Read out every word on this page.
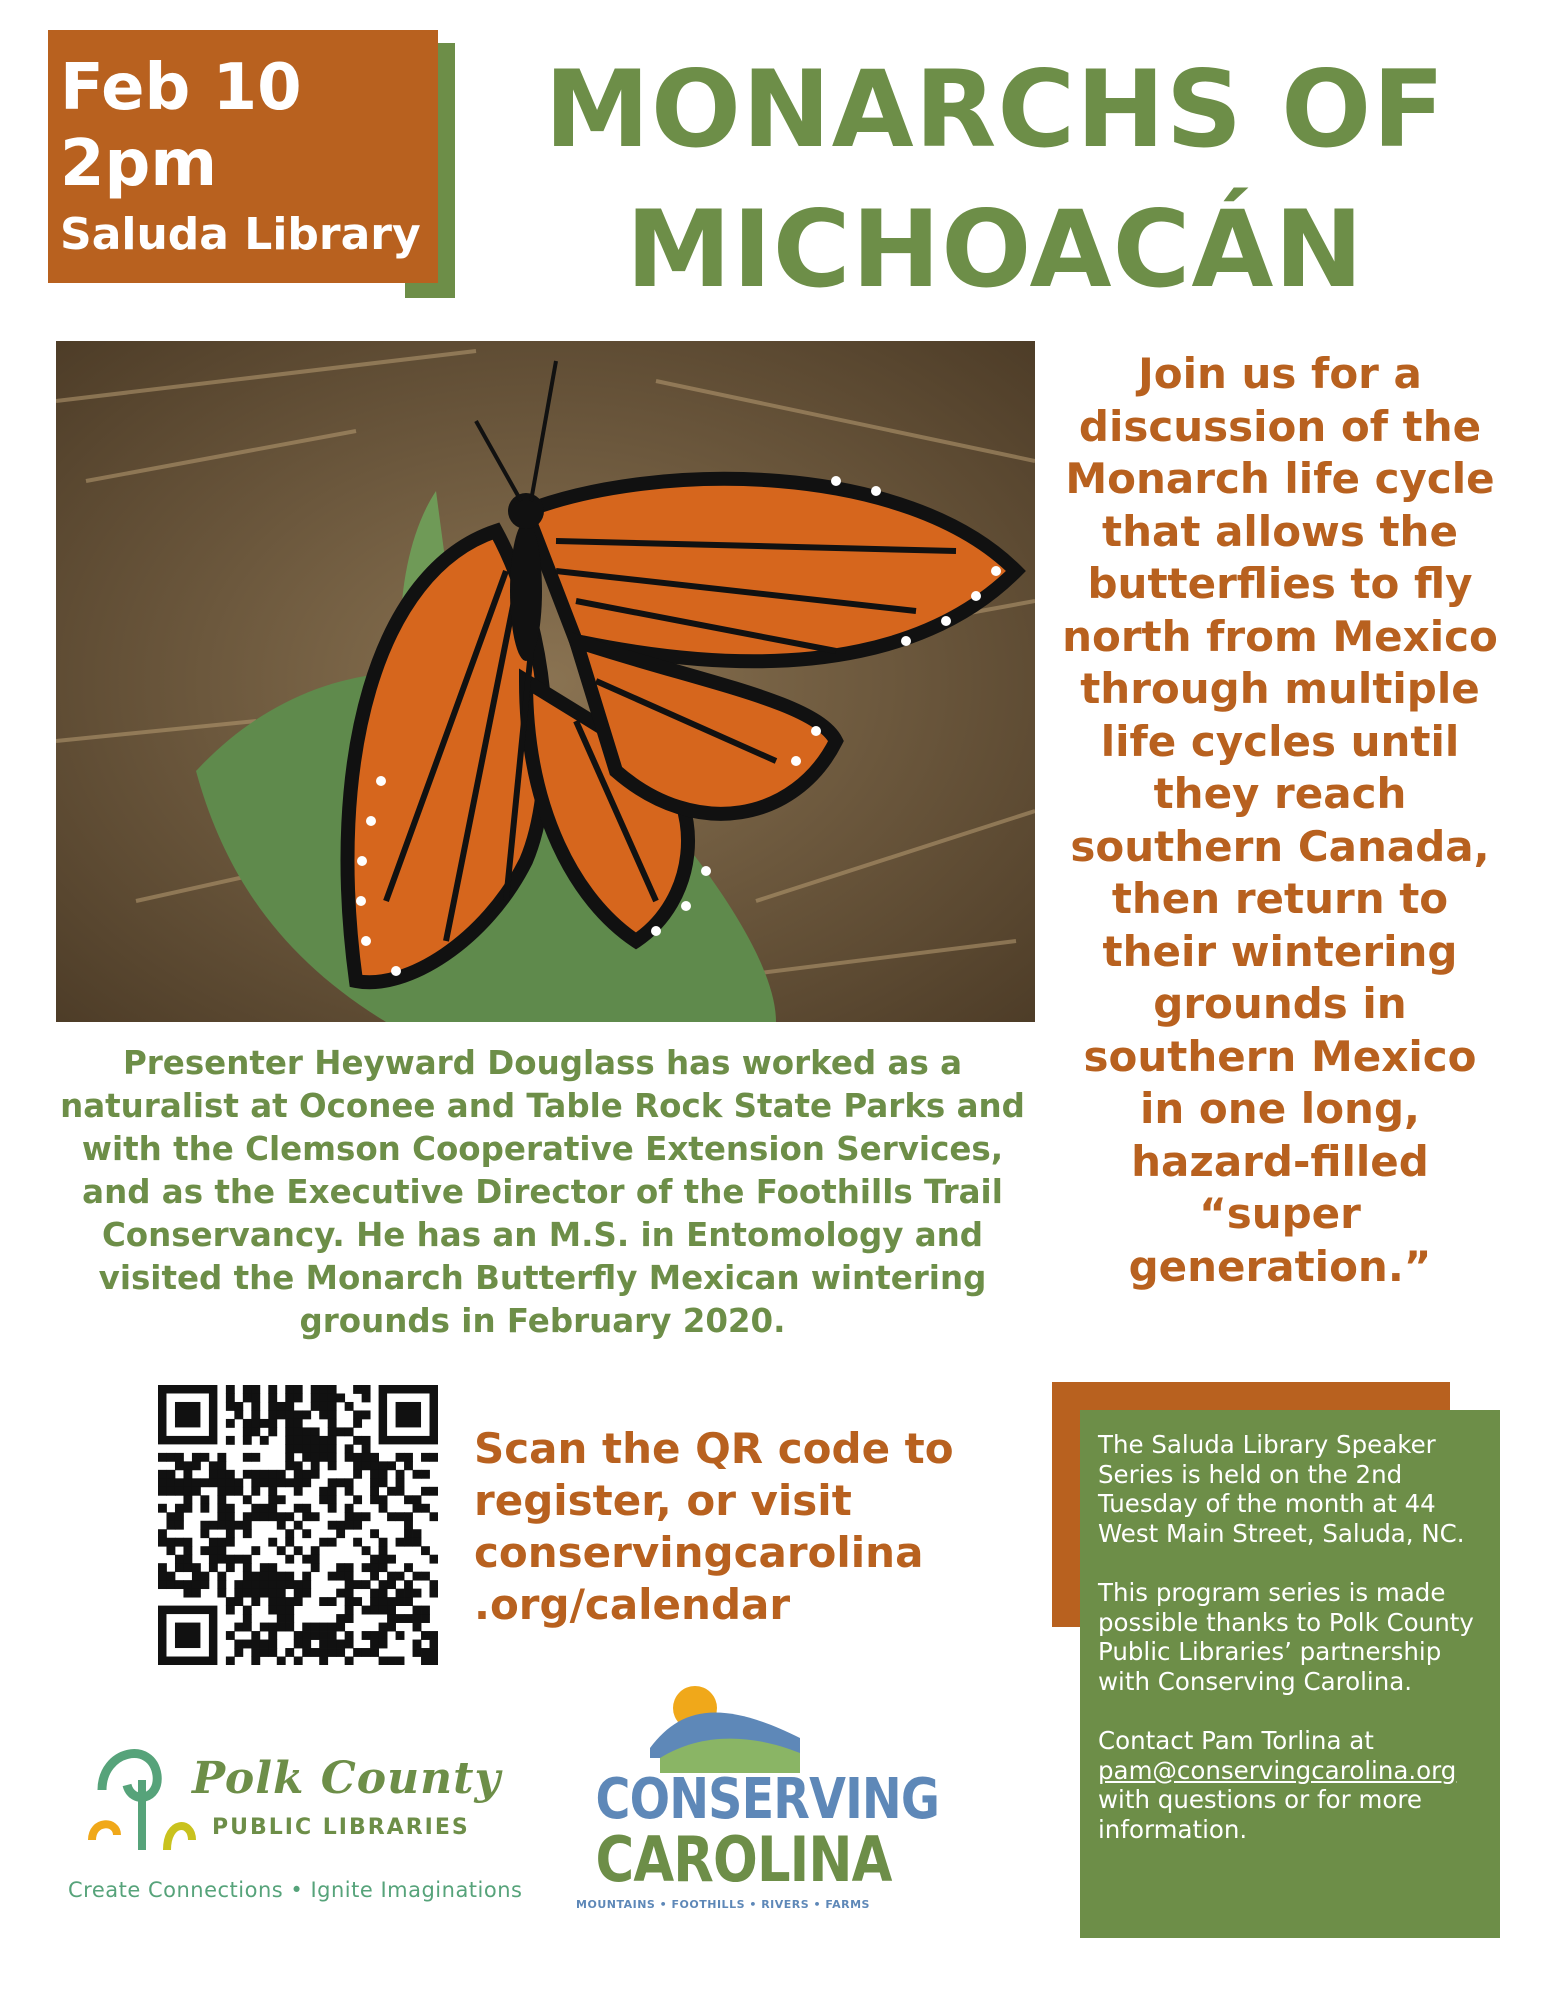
Feb 10
2pm
Saluda Library
MONARCHS OF
MICHOACÁN
Join us for a discussion of the Monarch life cycle that allows the butterflies to fly north from Mexico through multiple life cycles until they reach southern Canada, then return to their wintering grounds in southern Mexico in one long, hazard-filled “super generation.”
Presenter Heyward Douglass has worked as a naturalist at Oconee and Table Rock State Parks and with the Clemson Cooperative Extension Services, and as the Executive Director of the Foothills Trail Conservancy. He has an M.S. in Entomology and visited the Monarch Butterfly Mexican wintering grounds in February 2020.
Scan the QR code to register, or visit conservingcarolina .org/calendar

The Saluda Library Speaker Series is held on the 2nd Tuesday of the month at 44 West Main Street, Saluda, NC.

This program series is made possible thanks to Polk County Public Libraries’ partnership with Conserving Carolina.

Contact Pam Torlina at pam@conservingcarolina.org with questions or for more information.

Polk County
PUBLIC LIBRARIES
Create Connections • Ignite Imaginations
CONSERVING
CAROLINA
MOUNTAINS • FOOTHILLS • RIVERS • FARMS
